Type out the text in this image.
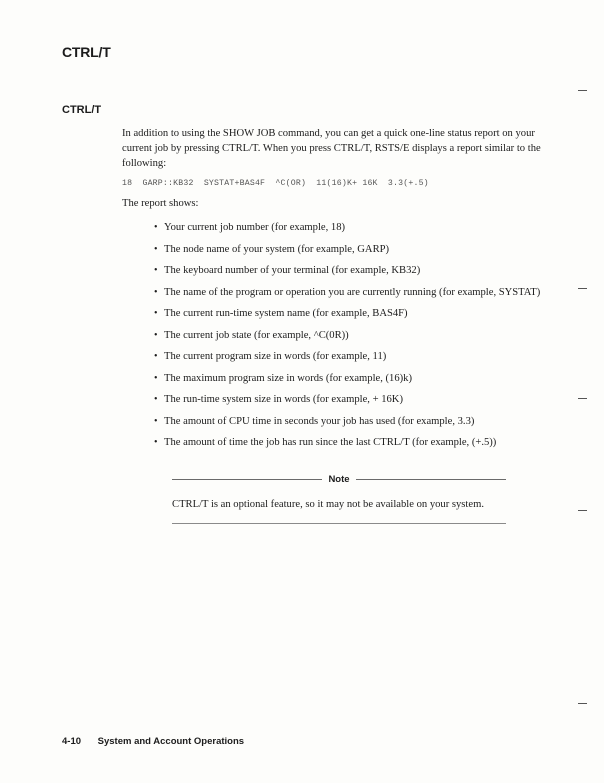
CTRL/T
CTRL/T

In addition to using the SHOW JOB command, you can get a quick one-line status report on your current job by pressing CTRL/T. When you press CTRL/T, RSTS/E displays a report similar to the following:

18  GARP::KB32  SYSTAT+BAS4F  ^C(OR)  11(16)K+ 16K  3.3(+.5)

The report shows:

• Your current job number (for example, 18)
• The node name of your system (for example, GARP)
• The keyboard number of your terminal (for example, KB32)
• The name of the program or operation you are currently running (for example, SYSTAT)
• The current run-time system name (for example, BAS4F)
• The current job state (for example, ^C(0R))
• The current program size in words (for example, 11)
• The maximum program size in words (for example, (16)k)
• The run-time system size in words (for example, + 16K)
• The amount of CPU time in seconds your job has used (for example, 3.3)
• The amount of time the job has run since the last CTRL/T (for example, (+.5))
Note

CTRL/T is an optional feature, so it may not be available on your system.

4-10 System and Account Operations
